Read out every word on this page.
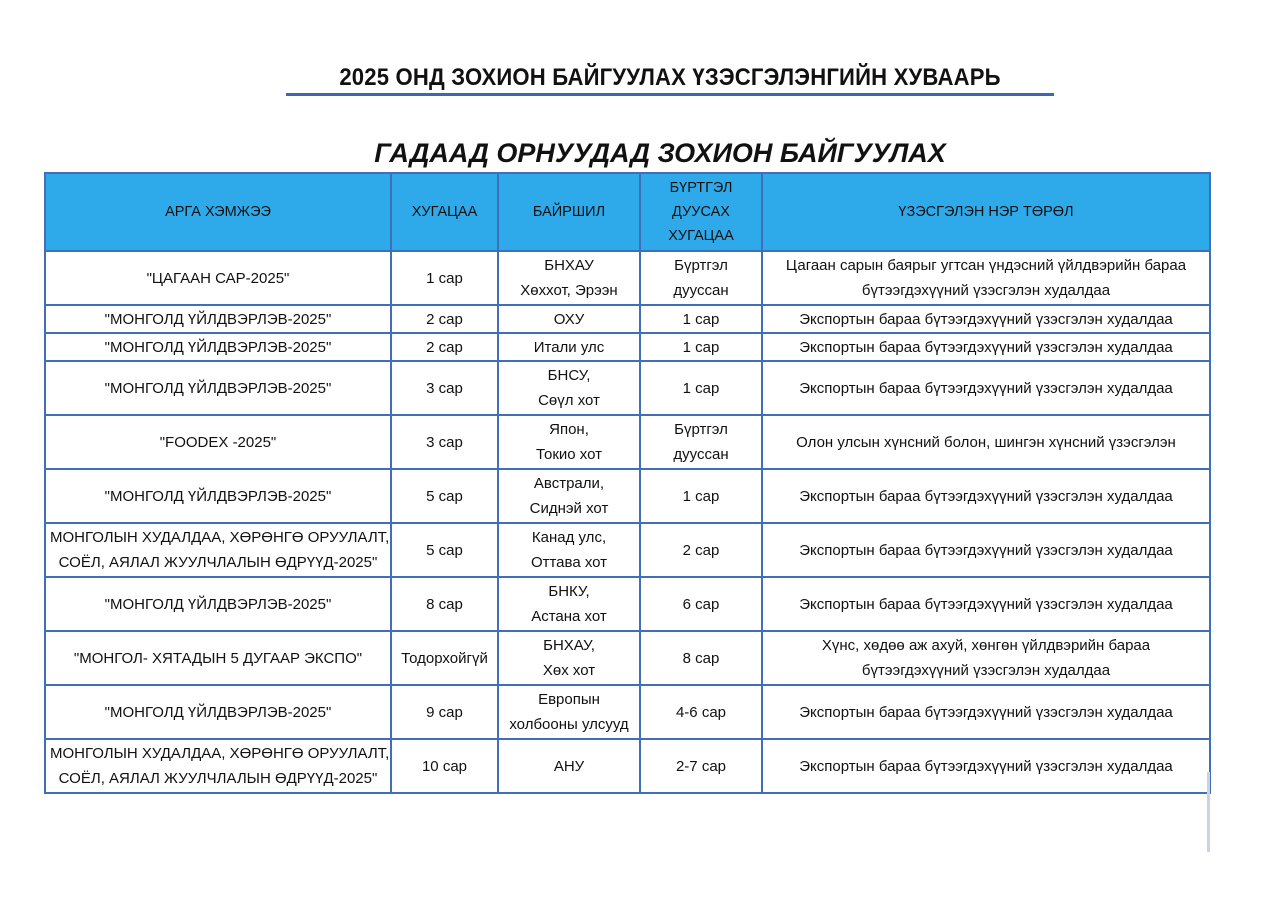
2025 ОНД ЗОХИОН БАЙГУУЛАХ ҮЗЭСГЭЛЭНГИЙН ХУВААРЬ
ГАДААД ОРНУУДАД ЗОХИОН БАЙГУУЛАХ
АРГА ХЭМЖЭЭ	ХУГАЦАА	БАЙРШИЛ	БҮРТГЭЛ
ДУУСАХ
ХУГАЦАА	ҮЗЭСГЭЛЭН НЭР ТӨРӨЛ

"ЦАГААН САР-2025"	1 сар	БНХАУ
Хөххот, Эрээн	Бүртгэл
дууссан	Цагаан сарын баярыг угтсан үндэсний үйлдвэрийн бараа
бүтээгдэхүүний үзэсгэлэн худалдаа

"МОНГОЛД ҮЙЛДВЭРЛЭВ-2025"	2 сар	ОХУ	1 сар	Экспортын бараа бүтээгдэхүүний үзэсгэлэн худалдаа

"МОНГОЛД ҮЙЛДВЭРЛЭВ-2025"	2 сар	Итали улс	1 сар	Экспортын бараа бүтээгдэхүүний үзэсгэлэн худалдаа

"МОНГОЛД ҮЙЛДВЭРЛЭВ-2025"	3 сар	БНСУ,
Сөүл хот	1 сар	Экспортын бараа бүтээгдэхүүний үзэсгэлэн худалдаа

"FOODEX -2025"	3 сар	Япон,
Токио хот	Бүртгэл
дууссан	Олон улсын хүнсний болон, шингэн хүнсний үзэсгэлэн

"МОНГОЛД ҮЙЛДВЭРЛЭВ-2025"	5 сар	Австрали,
Сиднэй хот	1 сар	Экспортын бараа бүтээгдэхүүний үзэсгэлэн худалдаа

МОНГОЛЫН ХУДАЛДАА, ХӨРӨНГӨ ОРУУЛАЛТ,
СОЁЛ, АЯЛАЛ ЖУУЛЧЛАЛЫН ӨДРҮҮД-2025"	5 сар	Канад улс,
Оттава хот	2 сар	Экспортын бараа бүтээгдэхүүний үзэсгэлэн худалдаа

"МОНГОЛД ҮЙЛДВЭРЛЭВ-2025"	8 сар	БНКУ,
Астана хот	6 сар	Экспортын бараа бүтээгдэхүүний үзэсгэлэн худалдаа

"МОНГОЛ- ХЯТАДЫН 5 ДУГААР ЭКСПО"	Тодорхойгүй	БНХАУ,
Хөх хот	8 сар	Хүнс, хөдөө аж ахуй, хөнгөн үйлдвэрийн бараа
бүтээгдэхүүний үзэсгэлэн худалдаа

"МОНГОЛД ҮЙЛДВЭРЛЭВ-2025"	9 сар	Европын
холбооны улсууд	4-6 сар	Экспортын бараа бүтээгдэхүүний үзэсгэлэн худалдаа

МОНГОЛЫН ХУДАЛДАА, ХӨРӨНГӨ ОРУУЛАЛТ,
СОЁЛ, АЯЛАЛ ЖУУЛЧЛАЛЫН ӨДРҮҮД-2025"	10 сар	АНУ	2-7 сар	Экспортын бараа бүтээгдэхүүний үзэсгэлэн худалдаа
